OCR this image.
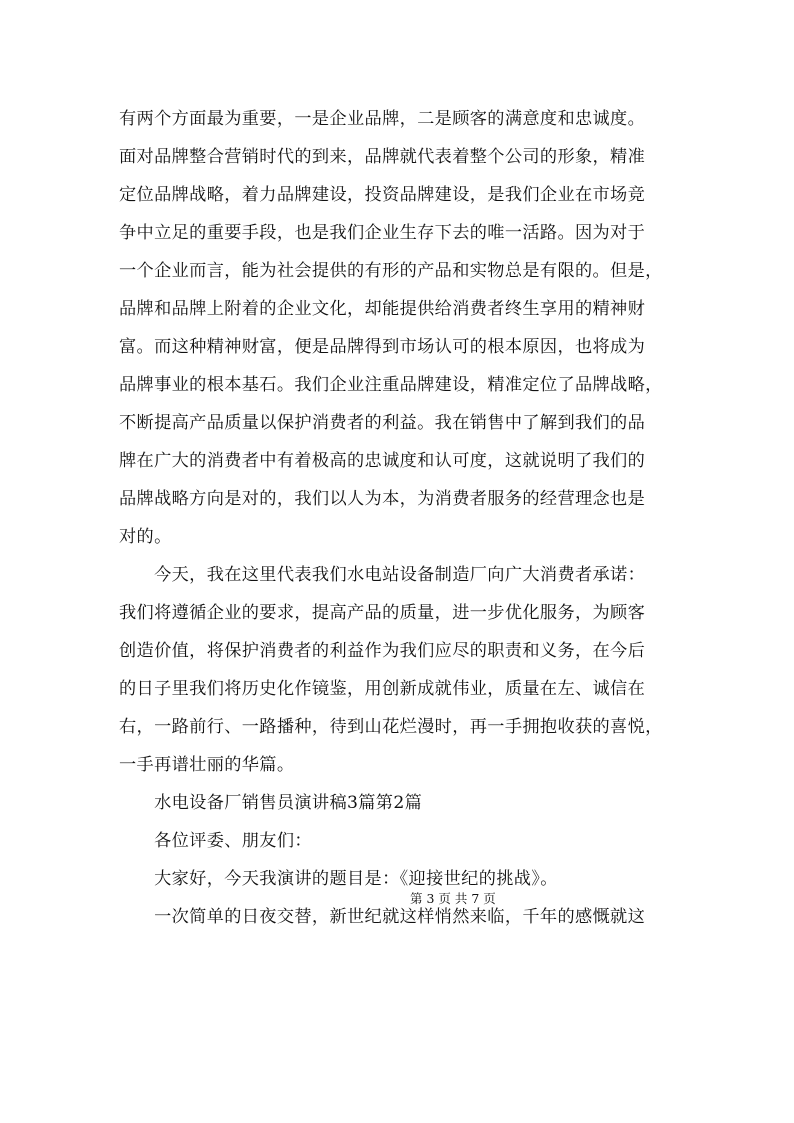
有两个方面最为重要，一是企业品牌，二是顾客的满意度和忠诚度。
面对品牌整合营销时代的到来，品牌就代表着整个公司的形象，精准
定位品牌战略，着力品牌建设，投资品牌建设，是我们企业在市场竞
争中立足的重要手段，也是我们企业生存下去的唯一活路。因为对于
一个企业而言，能为社会提供的有形的产品和实物总是有限的。但是，
品牌和品牌上附着的企业文化，却能提供给消费者终生享用的精神财
富。而这种精神财富，便是品牌得到市场认可的根本原因，也将成为
品牌事业的根本基石。我们企业注重品牌建设，精准定位了品牌战略，
不断提高产品质量以保护消费者的利益。我在销售中了解到我们的品
牌在广大的消费者中有着极高的忠诚度和认可度，这就说明了我们的
品牌战略方向是对的，我们以人为本，为消费者服务的经营理念也是
对的。
　　今天，我在这里代表我们水电站设备制造厂向广大消费者承诺：
我们将遵循企业的要求，提高产品的质量，进一步优化服务，为顾客
创造价值，将保护消费者的利益作为我们应尽的职责和义务，在今后
的日子里我们将历史化作镜鉴，用创新成就伟业，质量在左、诚信在
右，一路前行、一路播种，待到山花烂漫时，再一手拥抱收获的喜悦，
一手再谱壮丽的华篇。
　　水电设备厂销售员演讲稿3篇第2篇
　　各位评委、朋友们：
　　大家好，今天我演讲的题目是：《迎接世纪的挑战》。
　　一次简单的日夜交替，新世纪就这样悄然来临，千年的感慨就这
第 3 页 共 7 页
